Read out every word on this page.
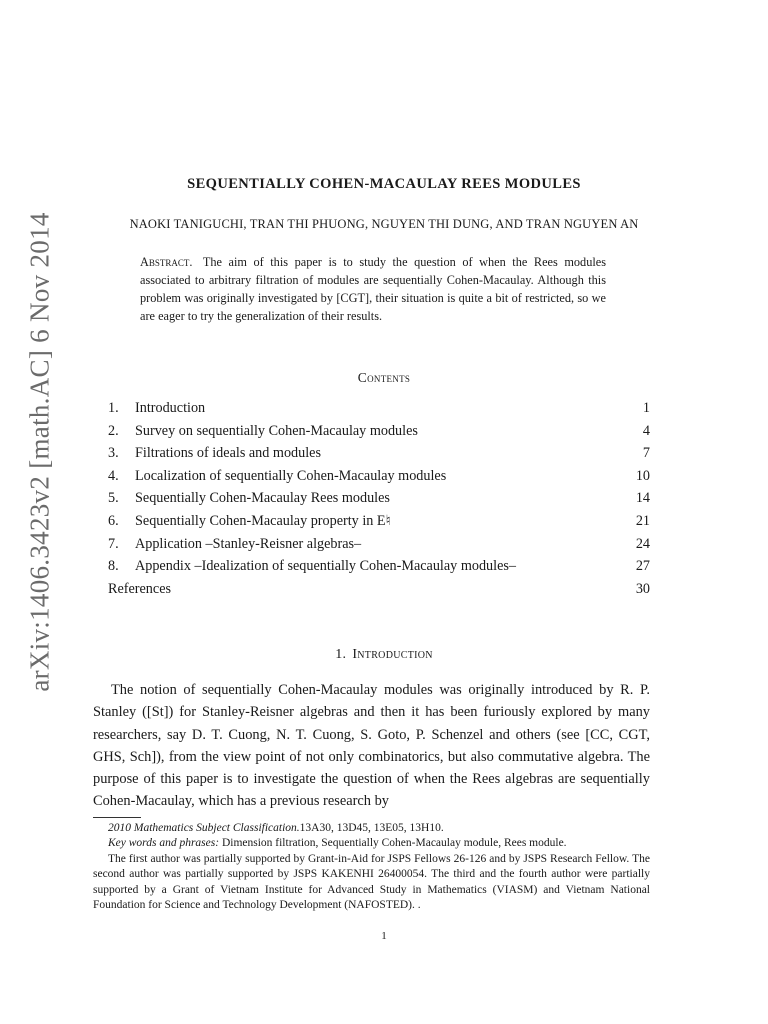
arXiv:1406.3423v2 [math.AC] 6 Nov 2014
SEQUENTIALLY COHEN-MACAULAY REES MODULES
NAOKI TANIGUCHI, TRAN THI PHUONG, NGUYEN THI DUNG, AND TRAN NGUYEN AN
Abstract. The aim of this paper is to study the question of when the Rees modules associated to arbitrary filtration of modules are sequentially Cohen-Macaulay. Although this problem was originally investigated by [CGT], their situation is quite a bit of restricted, so we are eager to try the generalization of their results.
Contents
1.	Introduction	1
2.	Survey on sequentially Cohen-Macaulay modules	4
3.	Filtrations of ideals and modules	7
4.	Localization of sequentially Cohen-Macaulay modules	10
5.	Sequentially Cohen-Macaulay Rees modules	14
6.	Sequentially Cohen-Macaulay property in E♮	21
7.	Application –Stanley-Reisner algebras–	24
8.	Appendix –Idealization of sequentially Cohen-Macaulay modules–	27
References	30
1. Introduction

The notion of sequentially Cohen-Macaulay modules was originally introduced by R. P. Stanley ([St]) for Stanley-Reisner algebras and then it has been furiously explored by many researchers, say D. T. Cuong, N. T. Cuong, S. Goto, P. Schenzel and others (see [CC, CGT, GHS, Sch]), from the view point of not only combinatorics, but also commutative algebra. The purpose of this paper is to investigate the question of when the Rees algebras are sequentially Cohen-Macaulay, which has a previous research by

2010 Mathematics Subject Classification.13A30, 13D45, 13E05, 13H10.

Key words and phrases: Dimension filtration, Sequentially Cohen-Macaulay module, Rees module.

The first author was partially supported by Grant-in-Aid for JSPS Fellows 26-126 and by JSPS Research Fellow. The second author was partially supported by JSPS KAKENHI 26400054. The third and the fourth author were partially supported by a Grant of Vietnam Institute for Advanced Study in Mathematics (VIASM) and Vietnam National Foundation for Science and Technology Development (NAFOSTED). .

1
